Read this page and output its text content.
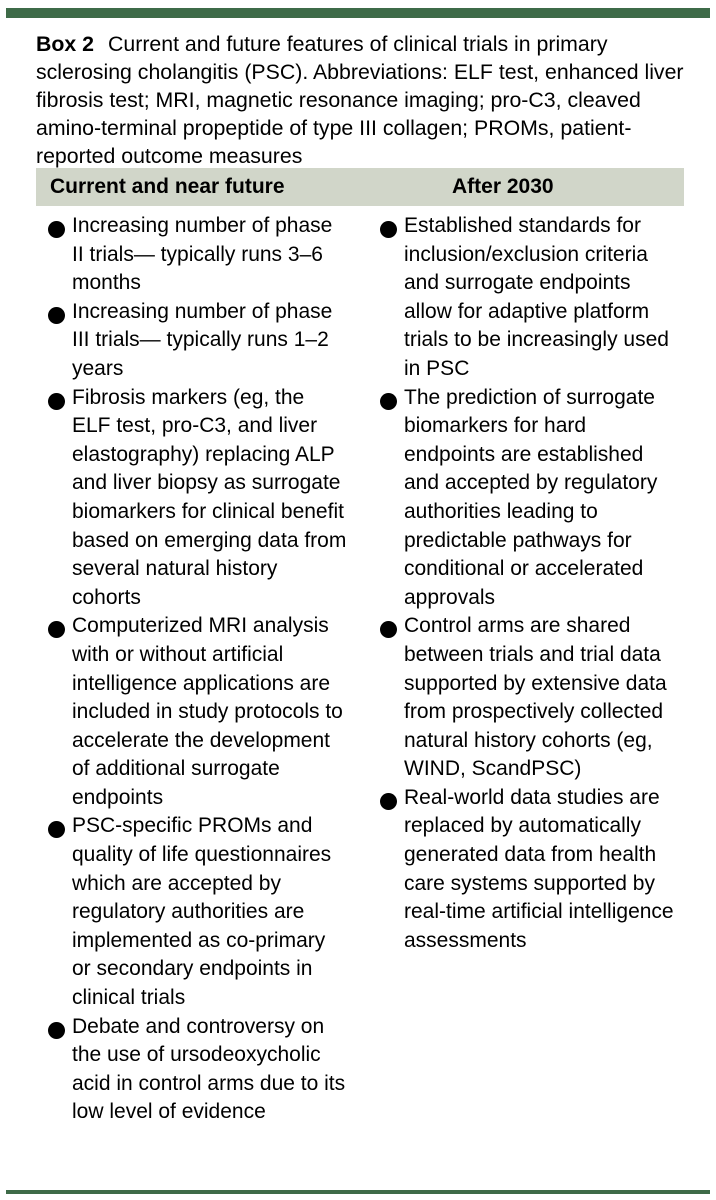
Box 2 Current and future features of clinical trials in primary sclerosing cholangitis (PSC). Abbreviations: ELF test, enhanced liver fibrosis test; MRI, magnetic resonance imaging; pro-C3, cleaved amino-terminal propeptide of type III collagen; PROMs, patient-reported outcome measures
Current and near future	After 2030
Increasing number of phase II trials— typically runs 3–6 months
Increasing number of phase III trials— typically runs 1–2 years
Fibrosis markers (eg, the ELF test, pro-C3, and liver elastography) replacing ALP and liver biopsy as surrogate biomarkers for clinical benefit based on emerging data from several natural history cohorts
Computerized MRI analysis with or without artificial intelligence applications are included in study protocols to accelerate the development of additional surrogate endpoints
PSC-specific PROMs and quality of life questionnaires which are accepted by regulatory authorities are implemented as co-primary or secondary endpoints in clinical trials
Debate and controversy on the use of ursodeoxycholic acid in control arms due to its low level of evidence
Established standards for inclusion/exclusion criteria and surrogate endpoints allow for adaptive platform trials to be increasingly used in PSC
The prediction of surrogate biomarkers for hard endpoints are established and accepted by regulatory authorities leading to predictable pathways for conditional or accelerated approvals
Control arms are shared between trials and trial data supported by extensive data from prospectively collected natural history cohorts (eg, WIND, ScandPSC)
Real-world data studies are replaced by automatically generated data from health care systems supported by real-time artificial intelligence assessments
